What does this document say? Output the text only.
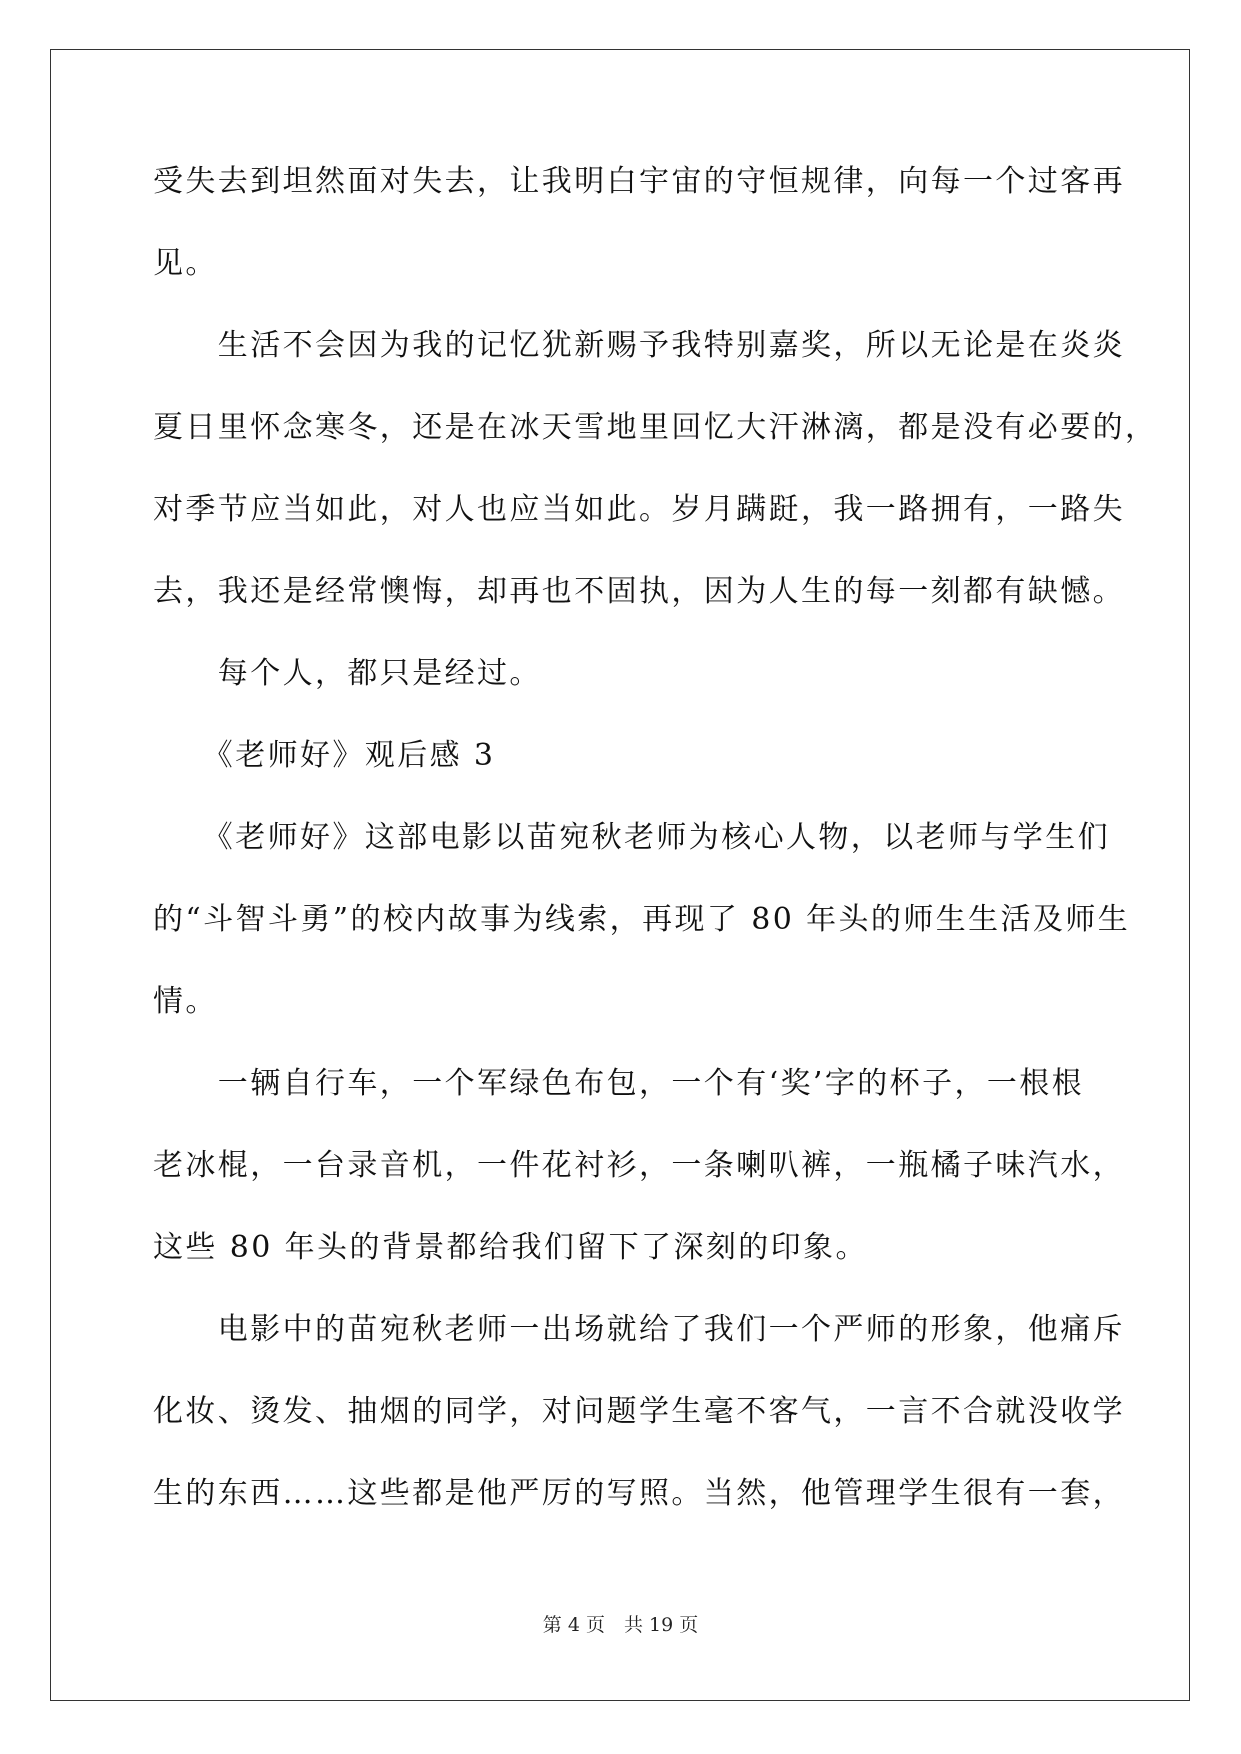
受失去到坦然面对失去，让我明白宇宙的守恒规律，向每一个过客再
见。
　　生活不会因为我的记忆犹新赐予我特别嘉奖，所以无论是在炎炎
夏日里怀念寒冬，还是在冰天雪地里回忆大汗淋漓，都是没有必要的，
对季节应当如此，对人也应当如此。岁月蹒跹，我一路拥有，一路失
去，我还是经常懊悔，却再也不固执，因为人生的每一刻都有缺憾。
　　每个人，都只是经过。
　　《老师好》观后感 3
　　《老师好》这部电影以苗宛秋老师为核心人物，以老师与学生们
的“斗智斗勇”的校内故事为线索，再现了 80 年头的师生生活及师生
情。
　　一辆自行车，一个军绿色布包，一个有‘奖’字的杯子，一根根
老冰棍，一台录音机，一件花衬衫，一条喇叭裤，一瓶橘子味汽水，
这些 80 年头的背景都给我们留下了深刻的印象。
　　电影中的苗宛秋老师一出场就给了我们一个严师的形象，他痛斥
化妆、烫发、抽烟的同学，对问题学生毫不客气，一言不合就没收学
生的东西……这些都是他严厉的写照。当然，他管理学生很有一套，
第 4 页　共 19 页
